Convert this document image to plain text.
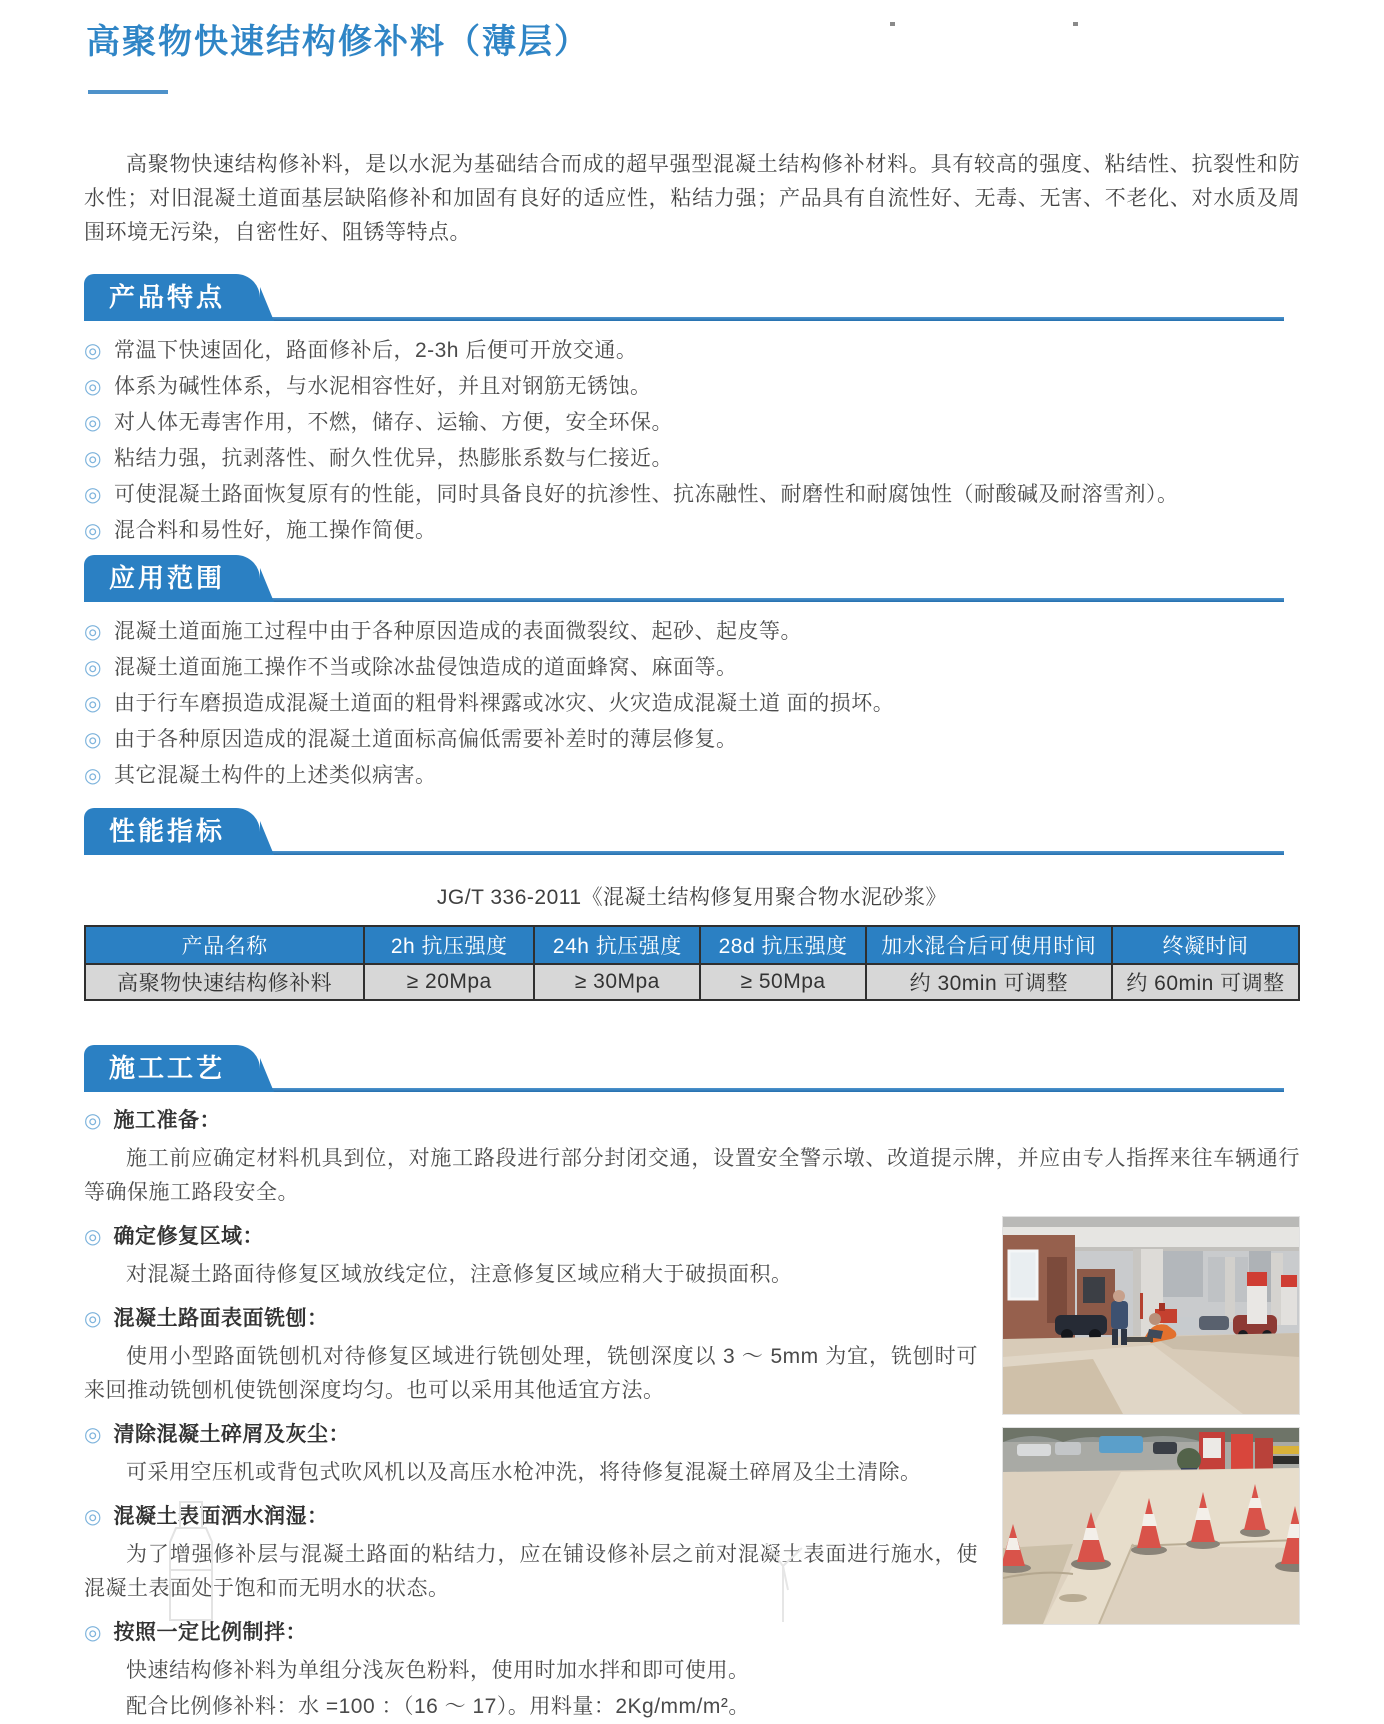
高聚物快速结构修补料（薄层）

高聚物快速结构修补料，是以水泥为基础结合而成的超早强型混凝土结构修补材料。具有较高的强度、粘结性、抗裂性和防水性；对旧混凝土道面基层缺陷修补和加固有良好的适应性，粘结力强；产品具有自流性好、无毒、无害、不老化、对水质及周围环境无污染，自密性好、阻锈等特点。

产品特点
◎ 常温下快速固化，路面修补后，2-3h 后便可开放交通。
◎ 体系为碱性体系，与水泥相容性好，并且对钢筋无锈蚀。
◎ 对人体无毒害作用，不燃，储存、运输、方便，安全环保。
◎ 粘结力强，抗剥落性、耐久性优异，热膨胀系数与仁接近。
◎ 可使混凝土路面恢复原有的性能，同时具备良好的抗渗性、抗冻融性、耐磨性和耐腐蚀性（耐酸碱及耐溶雪剂）。
◎ 混合料和易性好，施工操作简便。
应用范围
◎ 混凝土道面施工过程中由于各种原因造成的表面微裂纹、起砂、起皮等。
◎ 混凝土道面施工操作不当或除冰盐侵蚀造成的道面蜂窝、麻面等。
◎ 由于行车磨损造成混凝土道面的粗骨料裸露或冰灾、火灾造成混凝土道 面的损坏。
◎ 由于各种原因造成的混凝土道面标高偏低需要补差时的薄层修复。
◎ 其它混凝土构件的上述类似病害。
性能指标

JG/T 336-2011《混凝土结构修复用聚合物水泥砂浆》

产品名称	2h 抗压强度	24h 抗压强度	28d 抗压强度	加水混合后可使用时间	终凝时间
高聚物快速结构修补料	≥ 20Mpa	≥ 30Mpa	≥ 50Mpa	约 30min 可调整	约 60min 可调整
施工工艺

◎ 施工准备：

施工前应确定材料机具到位，对施工路段进行部分封闭交通，设置安全警示墩、改道提示牌，并应由专人指挥来往车辆通行等确保施工路段安全。

◎ 确定修复区域：

对混凝土路面待修复区域放线定位，注意修复区域应稍大于破损面积。

◎ 混凝土路面表面铣刨：

使用小型路面铣刨机对待修复区域进行铣刨处理，铣刨深度以 3 ～ 5mm 为宜，铣刨时可来回推动铣刨机使铣刨深度均匀。也可以采用其他适宜方法。

◎ 清除混凝土碎屑及灰尘：

可采用空压机或背包式吹风机以及高压水枪冲洗，将待修复混凝土碎屑及尘土清除。

◎ 混凝土表面洒水润湿：

为了增强修补层与混凝土路面的粘结力，应在铺设修补层之前对混凝土表面进行施水，使混凝土表面处于饱和而无明水的状态。

◎ 按照一定比例制拌：

快速结构修补料为单组分浅灰色粉料，使用时加水拌和即可使用。

配合比例修补料：水 =100 ：（16 ～ 17）。用料量：2Kg/mm/m²。
